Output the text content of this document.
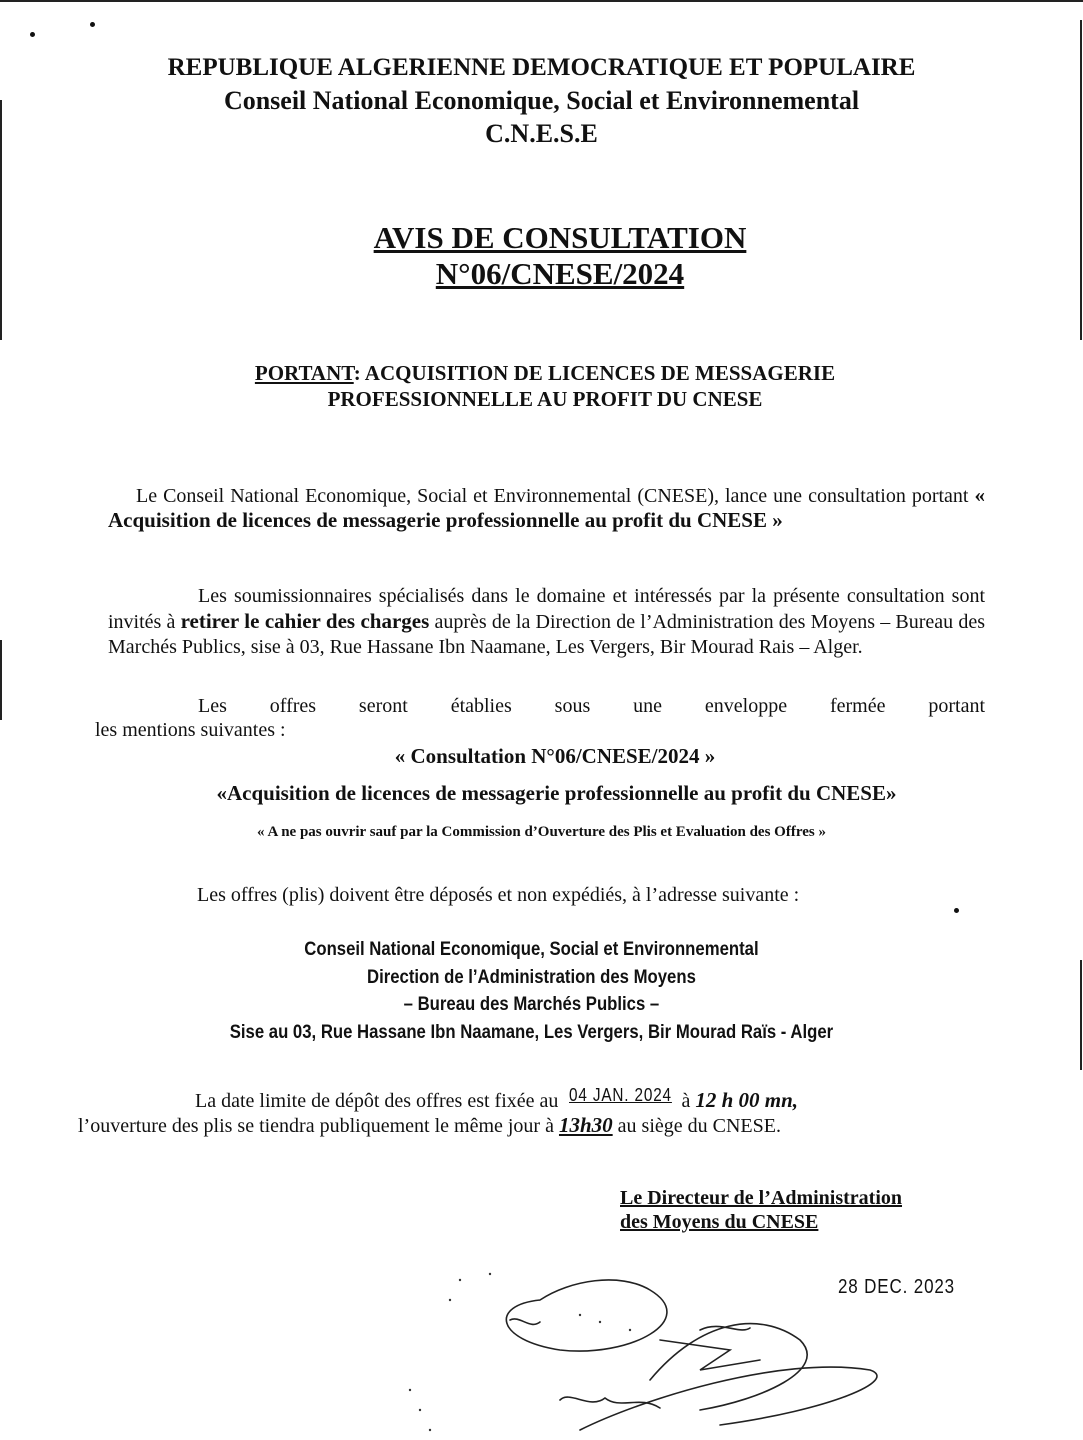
REPUBLIQUE ALGERIENNE DEMOCRATIQUE ET POPULAIRE
Conseil National Economique, Social et Environnemental
C.N.E.S.E
AVIS DE CONSULTATION
N°06/CNESE/2024
PORTANT: ACQUISITION DE LICENCES DE MESSAGERIE
PROFESSIONNELLE AU PROFIT DU CNESE
Le Conseil National Economique, Social et Environnemental (CNESE), lance une consultation portant « Acquisition de licences de messagerie professionnelle au profit du CNESE »
Les soumissionnaires spécialisés dans le domaine et intéressés par la présente consultation sont invités à retirer le cahier des charges auprès de la Direction de l’Administration des Moyens – Bureau des Marchés Publics, sise à 03, Rue Hassane Ibn Naamane, Les Vergers, Bir Mourad Rais – Alger.
Les offres seront établies sous une enveloppe fermée portant
les mentions suivantes :
« Consultation N°06/CNESE/2024 »
«Acquisition de licences de messagerie professionnelle au profit du CNESE»
« A ne pas ouvrir sauf par la Commission d’Ouverture des Plis et Evaluation des Offres »
Les offres (plis) doivent être déposés et non expédiés, à l’adresse suivante :
Conseil National Economique, Social et Environnemental
Direction de l’Administration des Moyens
– Bureau des Marchés Publics –
Sise au 03, Rue Hassane Ibn Naamane, Les Vergers, Bir Mourad Raïs - Alger
La date limite de dépôt des offres est fixée au 04 JAN. 2024 à 12 h 00 mn,
l’ouverture des plis se tiendra publiquement le même jour à 13h30 au siège du CNESE.
Le Directeur de l’Administration
des Moyens du CNESE
28 DEC. 2023
